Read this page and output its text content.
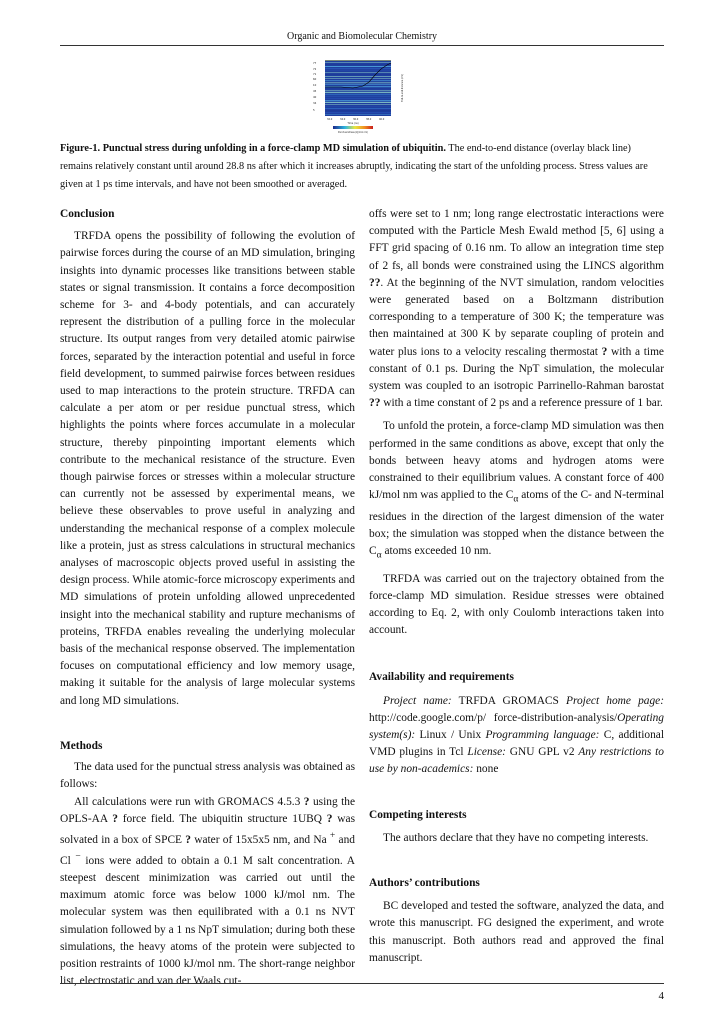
Organic and Biomolecular Chemistry
77
72
71
60
10
45
40
34
5
32.0	34.0	36.0	38.0	40.0
Time (ns)
Punctual stress (kJ/mol nm)
End-to-end distance (nm)
Figure-1. Punctual stress during unfolding in a force-clamp MD simulation of ubiquitin. The end-to-end distance (overlay black line) remains relatively constant until around 28.8 ns after which it increases abruptly, indicating the start of the unfolding process. Stress values are given at 1 ps time intervals, and have not been smoothed or averaged.
Conclusion

TRFDA opens the possibility of following the evolution of pairwise forces during the course of an MD simulation, bringing insights into dynamic processes like transitions between stable states or signal transmission. It contains a force decomposition scheme for 3- and 4-body potentials, and can accurately represent the distribution of a pulling force in the molecular structure. Its output ranges from very detailed atomic pairwise forces, separated by the interaction potential and useful in force field development, to summed pairwise forces between residues used to map interactions to the protein structure. TRFDA can calculate a per atom or per residue punctual stress, which highlights the points where forces accumulate in a molecular structure, thereby pinpointing important elements which contribute to the mechanical resistance of the structure. Even though pairwise forces or stresses within a molecular structure can currently not be assessed by experimental means, we believe these observables to prove useful in analyzing and understanding the mechanical response of a complex molecule like a protein, just as stress calculations in structural mechanics analyses of macroscopic objects proved useful in assisting the design process. While atomic-force microscopy experiments and MD simulations of protein unfolding allowed unprecedented insight into the mechanical stability and rupture mechanisms of proteins, TRFDA enables revealing the underlying molecular basis of the mechanical response observed. The implementation focuses on computational efficiency and low memory usage, making it suitable for the analysis of large molecular systems and long MD simulations.

Methods

The data used for the punctual stress analysis was obtained as follows:

All calculations were run with GROMACS 4.5.3 ? using the OPLS-AA ? force field. The ubiquitin structure 1UBQ ? was solvated in a box of SPCE ? water of 15x5x5 nm, and Na + and Cl − ions were added to obtain a 0.1 M salt concentration. A steepest descent minimization was carried out until the maximum atomic force was below 1000 kJ/mol nm. The molecular system was then equilibrated with a 0.1 ns NVT simulation followed by a 1 ns NpT simulation; during both these simulations, the heavy atoms of the protein were subjected to position restraints of 1000 kJ/mol nm. The short-range neighbor list, electrostatic and van der Waals cut-

offs were set to 1 nm; long range electrostatic interactions were computed with the Particle Mesh Ewald method [5, 6] using a FFT grid spacing of 0.16 nm. To allow an integration time step of 2 fs, all bonds were constrained using the LINCS algorithm ??. At the beginning of the NVT simulation, random velocities were generated based on a Boltzmann distribution corresponding to a temperature of 300 K; the temperature was then maintained at 300 K by separate coupling of protein and water plus ions to a velocity rescaling thermostat ? with a time constant of 0.1 ps. During the NpT simulation, the molecular system was coupled to an isotropic Parrinello-Rahman barostat ?? with a time constant of 2 ps and a reference pressure of 1 bar.

To unfold the protein, a force-clamp MD simulation was then performed in the same conditions as above, except that only the bonds between heavy atoms and hydrogen atoms were constrained to their equilibrium values. A constant force of 400 kJ/mol nm was applied to the $C_\alpha$ atoms of the C- and N-terminal residues in the direction of the largest dimension of the water box; the simulation was stopped when the distance between the $C_\alpha$ atoms exceeded 10 nm.

TRFDA was carried out on the trajectory obtained from the force-clamp MD simulation. Residue stresses were obtained according to Eq. 2, with only Coulomb interactions taken into account.

Availability and requirements

Project name: TRFDA GROMACS Project home page: http://code.google.com/p/ force-distribution-analysis/Operating system(s): Linux / Unix Programming language: C, additional VMD plugins in Tcl License: GNU GPL v2 Any restrictions to use by non-academics: none

Competing interests

The authors declare that they have no competing interests.

Authors’ contributions

BC developed and tested the software, analyzed the data, and wrote this manuscript. FG designed the experiment, and wrote this manuscript. Both authors read and approved the final manuscript.

4
